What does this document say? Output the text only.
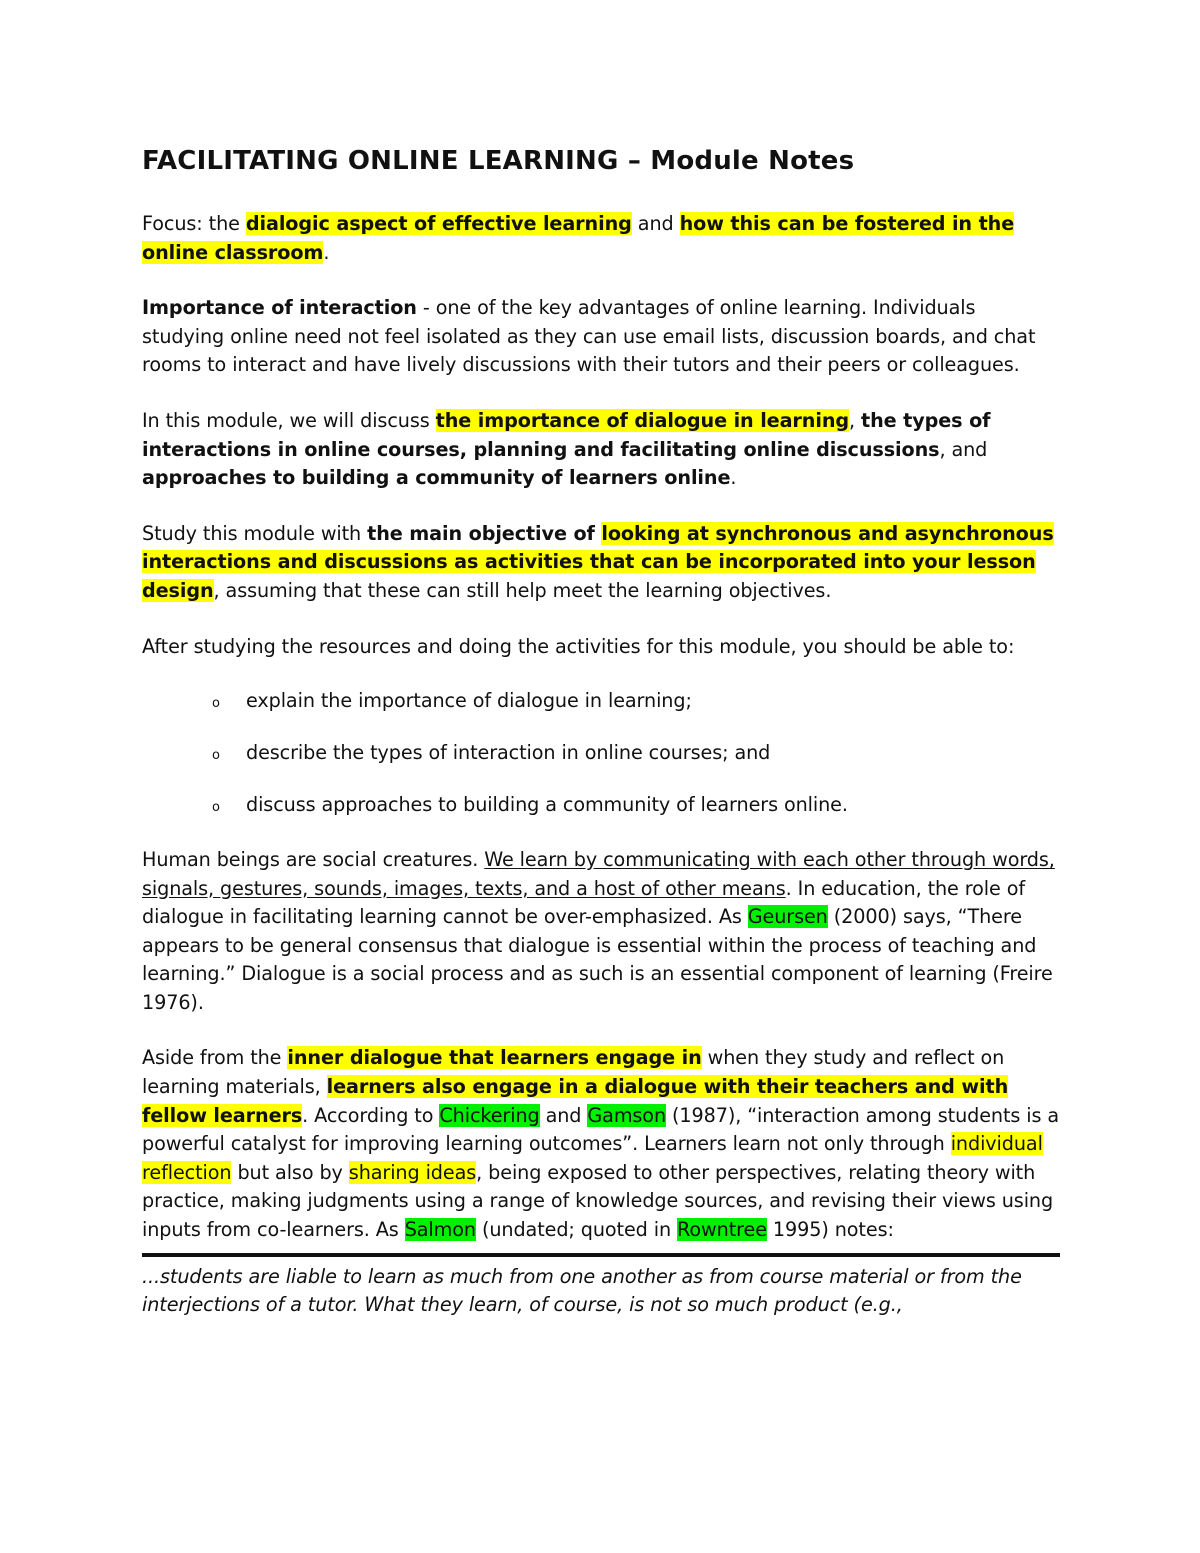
FACILITATING ONLINE LEARNING – Module Notes

Focus: the dialogic aspect of effective learning and how this can be fostered in the online classroom.

Importance of interaction - one of the key advantages of online learning. Individuals studying online need not feel isolated as they can use email lists, discussion boards, and chat rooms to interact and have lively discussions with their tutors and their peers or colleagues.

In this module, we will discuss the importance of dialogue in learning, the types of interactions in online courses, planning and facilitating online discussions, and approaches to building a community of learners online.

Study this module with the main objective of looking at synchronous and asynchronous interactions and discussions as activities that can be incorporated into your lesson design, assuming that these can still help meet the learning objectives.

After studying the resources and doing the activities for this module, you should be able to:

o explain the importance of dialogue in learning;
o describe the types of interaction in online courses; and
o discuss approaches to building a community of learners online.

Human beings are social creatures. We learn by communicating with each other through words, signals, gestures, sounds, images, texts, and a host of other means. In education, the role of dialogue in facilitating learning cannot be over-emphasized. As Geursen (2000) says, “There appears to be general consensus that dialogue is essential within the process of teaching and learning.” Dialogue is a social process and as such is an essential component of learning (Freire 1976).

Aside from the inner dialogue that learners engage in when they study and reflect on learning materials, learners also engage in a dialogue with their teachers and with fellow learners. According to Chickering and Gamson (1987), “interaction among students is a powerful catalyst for improving learning outcomes”. Learners learn not only through individual reflection but also by sharing ideas, being exposed to other perspectives, relating theory with practice, making judgments using a range of knowledge sources, and revising their views using inputs from co-learners. As Salmon (undated; quoted in Rowntree 1995) notes:

...students are liable to learn as much from one another as from course material or from the interjections of a tutor. What they learn, of course, is not so much product (e.g.,
